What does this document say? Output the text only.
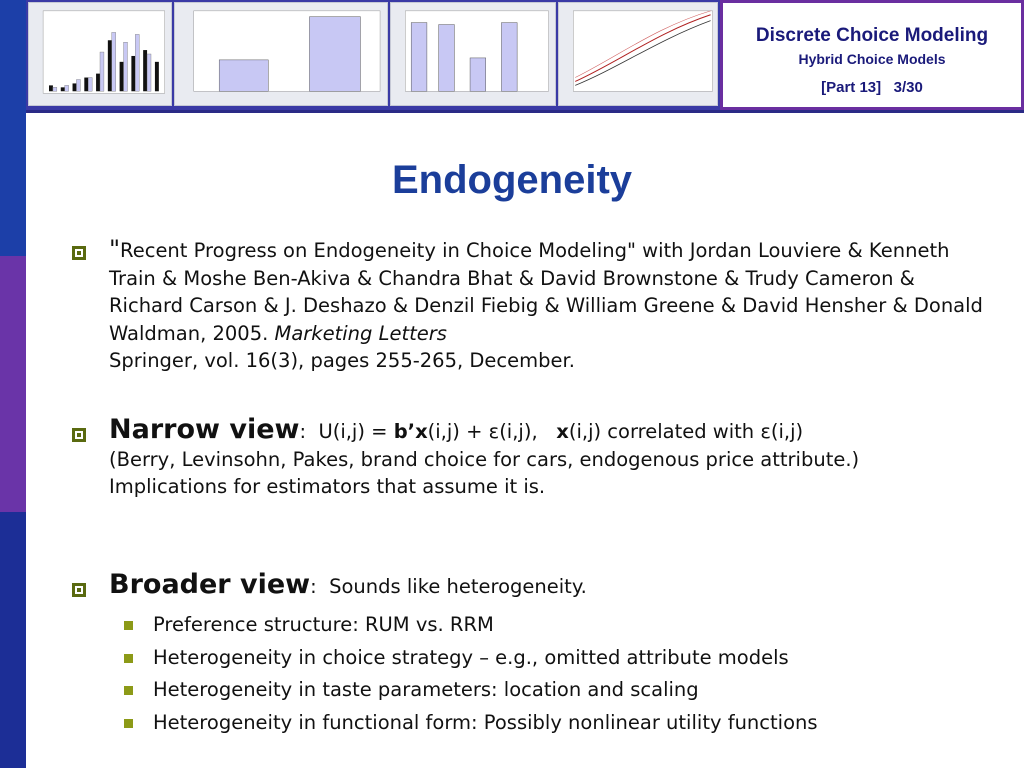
Discrete Choice Modeling
Hybrid Choice Models
[Part 13] 3/30
Endogeneity
"Recent Progress on Endogeneity in Choice Modeling" with Jordan Louviere & Kenneth Train & Moshe Ben-Akiva & Chandra Bhat & David Brownstone & Trudy Cameron & Richard Carson & J. Deshazo & Denzil Fiebig & William Greene & David Hensher & Donald Waldman, 2005. Marketing Letters
Springer, vol. 16(3), pages 255-265, December.
Narrow view: U(i,j) = b’x(i,j) + ε(i,j), x(i,j) correlated with ε(i,j)
(Berry, Levinsohn, Pakes, brand choice for cars, endogenous price attribute.)
Implications for estimators that assume it is.
Broader view: Sounds like heterogeneity.
Preference structure: RUM vs. RRM
Heterogeneity in choice strategy – e.g., omitted attribute models
Heterogeneity in taste parameters: location and scaling
Heterogeneity in functional form: Possibly nonlinear utility functions
